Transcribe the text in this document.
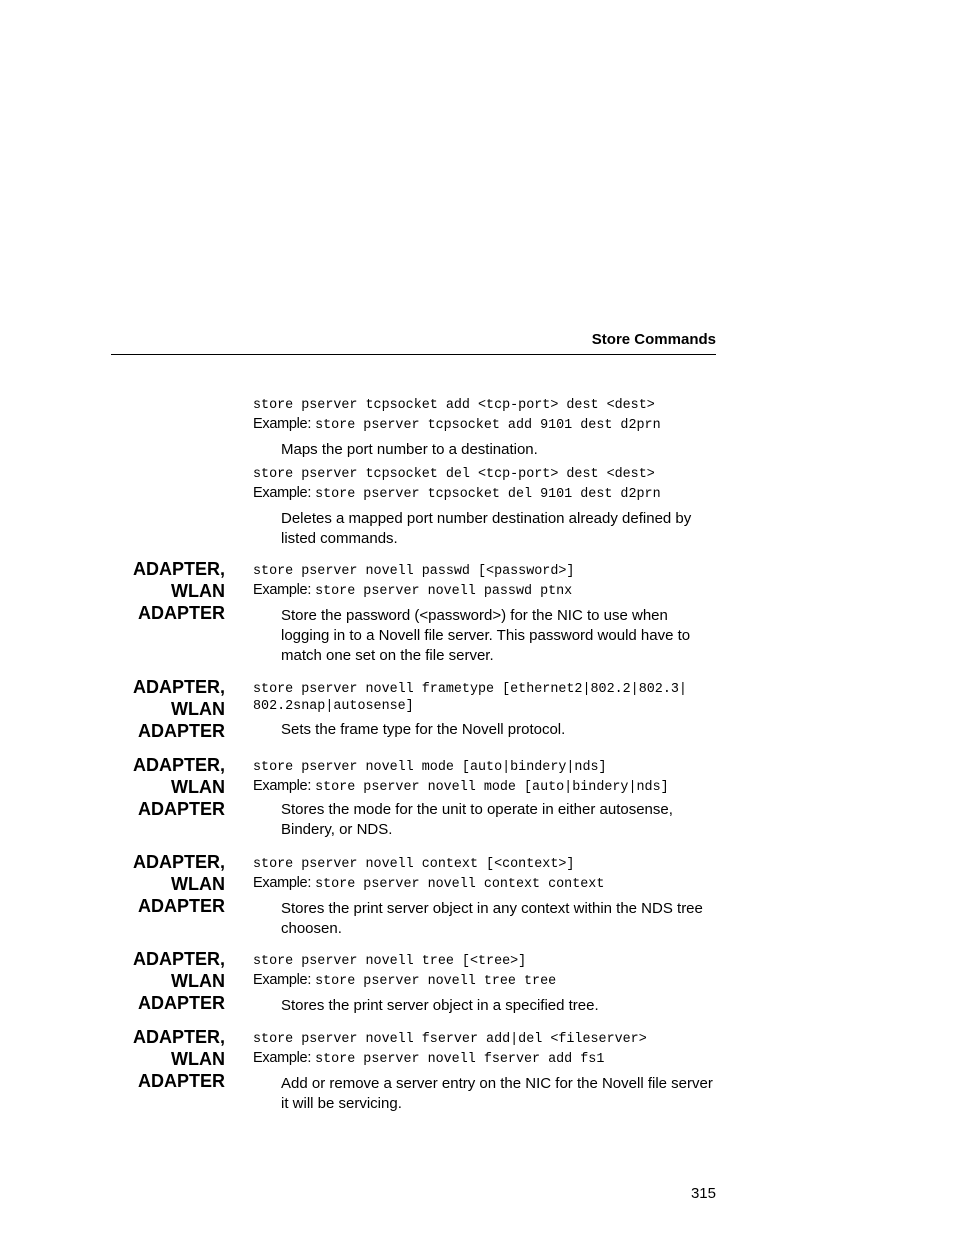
Store Commands
store pserver tcpsocket add <tcp-port> dest <dest>

Example: store pserver tcpsocket add 9101 dest d2prn

Maps the port number to a destination.

store pserver tcpsocket del <tcp-port> dest <dest>

Example: store pserver tcpsocket del 9101 dest d2prn

Deletes a mapped port number destination already defined by listed commands.

ADAPTER,
WLAN
ADAPTER
store pserver novell passwd [<password>]

Example: store pserver novell passwd ptnx

Store the password (<password>) for the NIC to use when logging in to a Novell file server. This password would have to match one set on the file server.

ADAPTER,
WLAN
ADAPTER
store pserver novell frametype [ethernet2|802.2|802.3|
802.2snap|autosense]

Sets the frame type for the Novell protocol.

ADAPTER,
WLAN
ADAPTER
store pserver novell mode [auto|bindery|nds]

Example: store pserver novell mode [auto|bindery|nds]

Stores the mode for the unit to operate in either autosense, Bindery, or NDS.

ADAPTER,
WLAN
ADAPTER
store pserver novell context [<context>]

Example: store pserver novell context context

Stores the print server object in any context within the NDS tree choosen.

ADAPTER,
WLAN
ADAPTER
store pserver novell tree [<tree>]

Example: store pserver novell tree tree

Stores the print server object in a specified tree.

ADAPTER,
WLAN
ADAPTER
store pserver novell fserver add|del <fileserver>

Example: store pserver novell fserver add fs1

Add or remove a server entry on the NIC for the Novell file server it will be servicing.

315
